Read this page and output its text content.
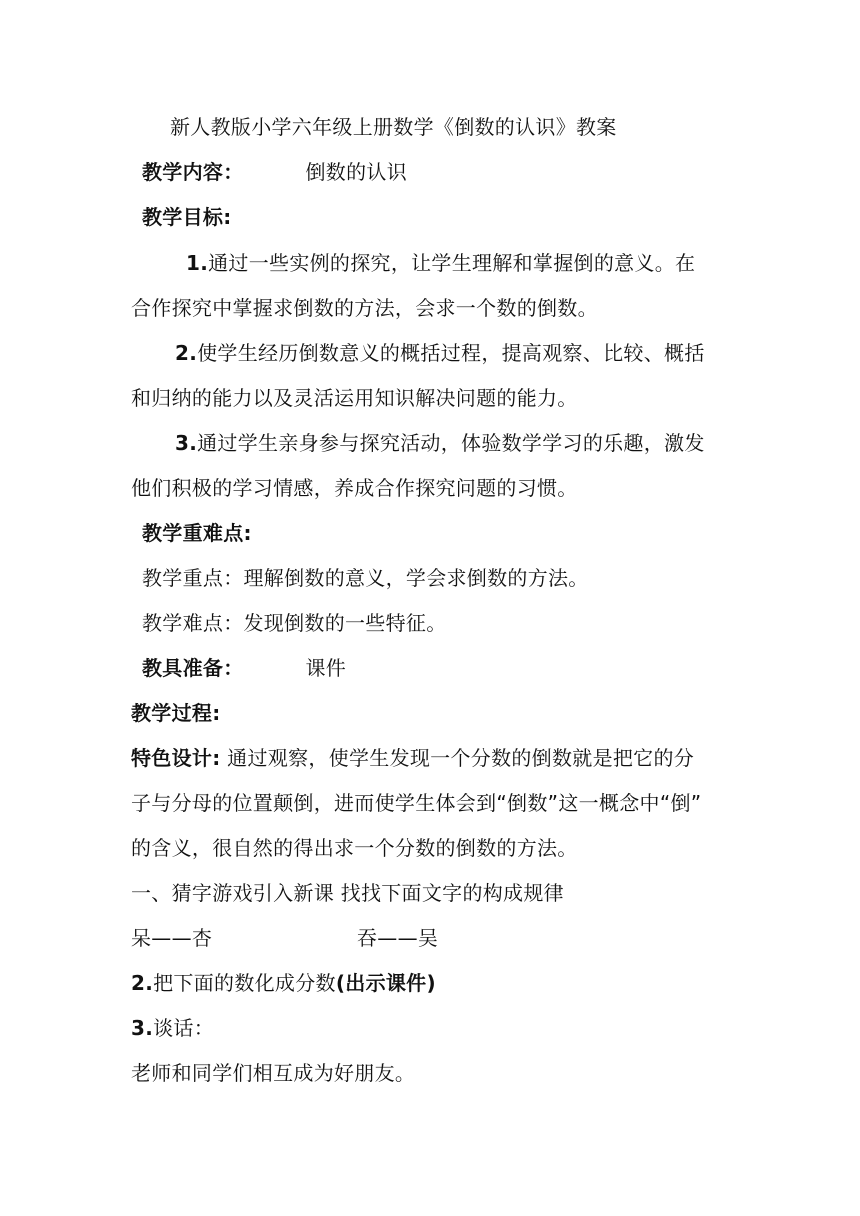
新人教版小学六年级上册数学《倒数的认识》教案
教学内容：	倒数的认识
教学目标:
1.通过一些实例的探究，让学生理解和掌握倒的意义。在
合作探究中掌握求倒数的方法，会求一个数的倒数。
2.使学生经历倒数意义的概括过程，提高观察、比较、概括
和归纳的能力以及灵活运用知识解决问题的能力。
3.通过学生亲身参与探究活动，体验数学学习的乐趣，激发
他们积极的学习情感，养成合作探究问题的习惯。
教学重难点:
教学重点：理解倒数的意义，学会求倒数的方法。
教学难点：发现倒数的一些特征。
教具准备：	课件
教学过程:
特色设计: 通过观察，使学生发现一个分数的倒数就是把它的分
子与分母的位置颠倒，进而使学生体会到“倒数”这一概念中“倒”
的含义，很自然的得出求一个分数的倒数的方法。
一、猜字游戏引入新课 找找下面文字的构成规律
呆——杏	吞——吴
2.把下面的数化成分数(出示课件)
3.谈话：
老师和同学们相互成为好朋友。
